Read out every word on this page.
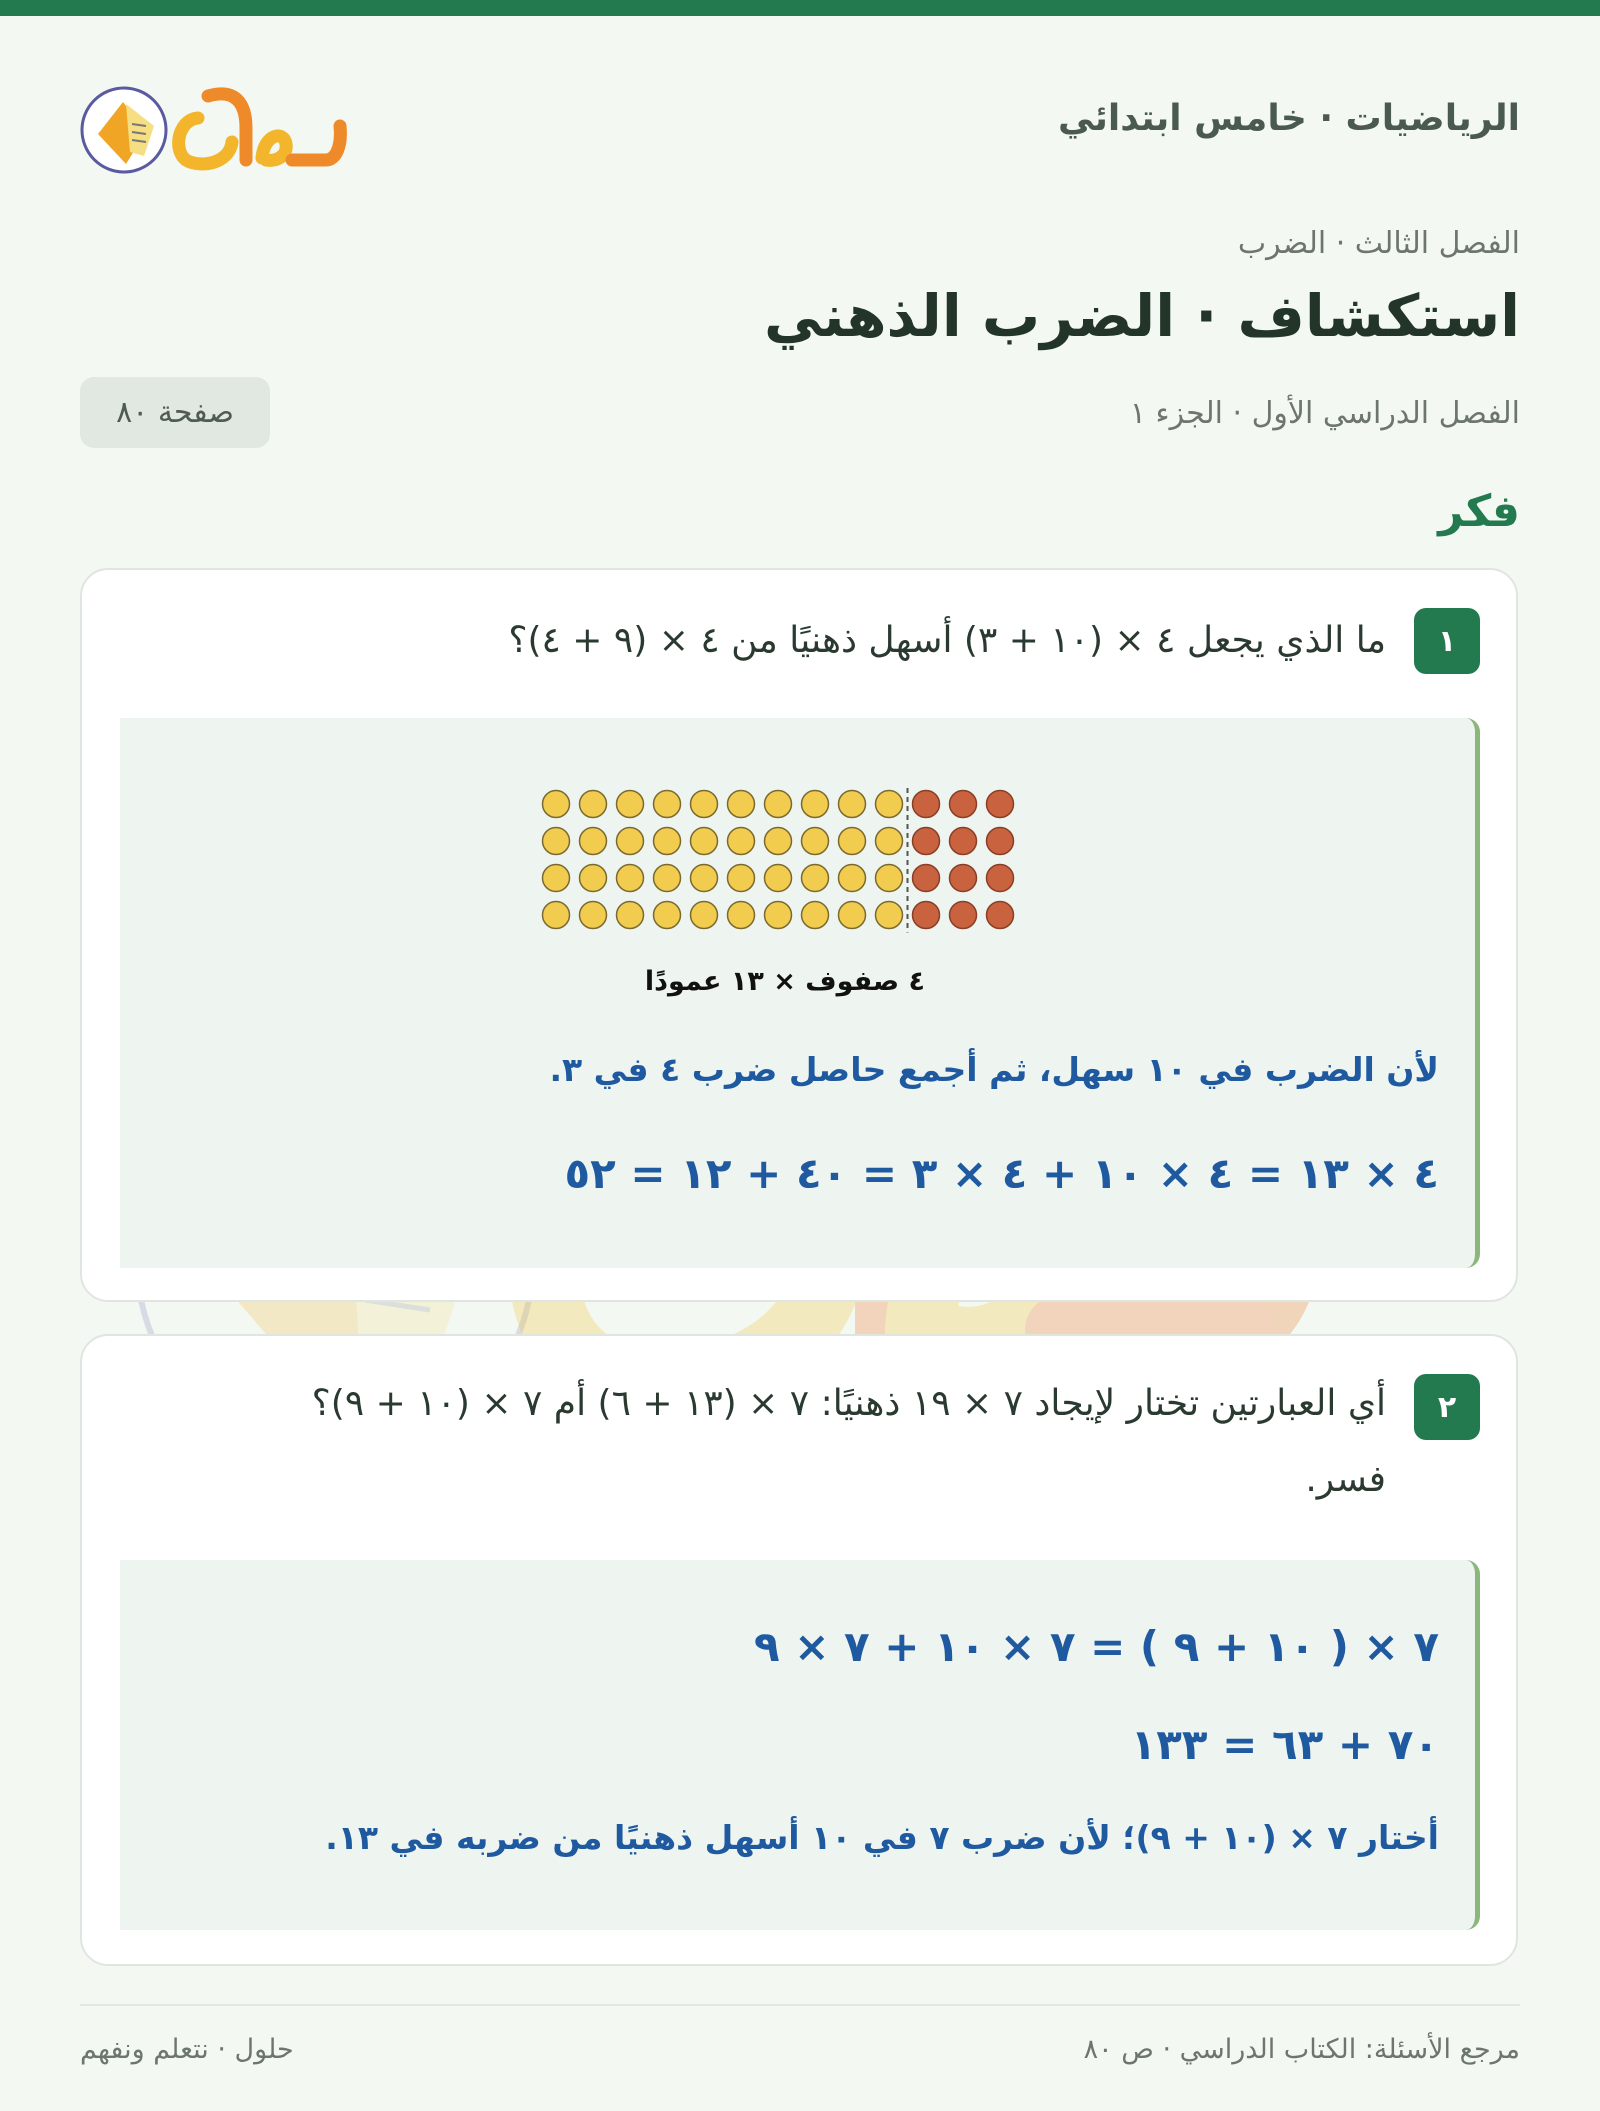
الرياضيات · خامس ابتدائي
الفصل الثالث · الضرب
استكشاف · الضرب الذهني
الفصل الدراسي الأول · الجزء ١
صفحة ٨٠
فكر
١
ما الذي يجعل ٤ × (١٠ + ٣) أسهل ذهنيًا من ٤ × (٩ + ٤)؟
٤ صفوف × ١٣ عمودًا
لأن الضرب في ١٠ سهل، ثم أجمع حاصل ضرب ٤ في ٣.
٤ × ١٣ = ٤ × ١٠ + ٤ × ٣ = ٤٠ + ١٢ = ٥٢
٢
أي العبارتين تختار لإيجاد ٧ × ١٩ ذهنيًا: ٧ × (١٣ + ٦) أم ٧ × (١٠ + ٩)؟
فسر.
٧ × ( ١٠ + ٩ ) = ٧ × ١٠ + ٧ × ٩
٧٠ + ٦٣ = ١٣٣
أختار ٧ × (١٠ + ٩)؛ لأن ضرب ٧ في ١٠ أسهل ذهنيًا من ضربه في ١٣.
مرجع الأسئلة: الكتاب الدراسي · ص ٨٠
حلول · نتعلم ونفهم
